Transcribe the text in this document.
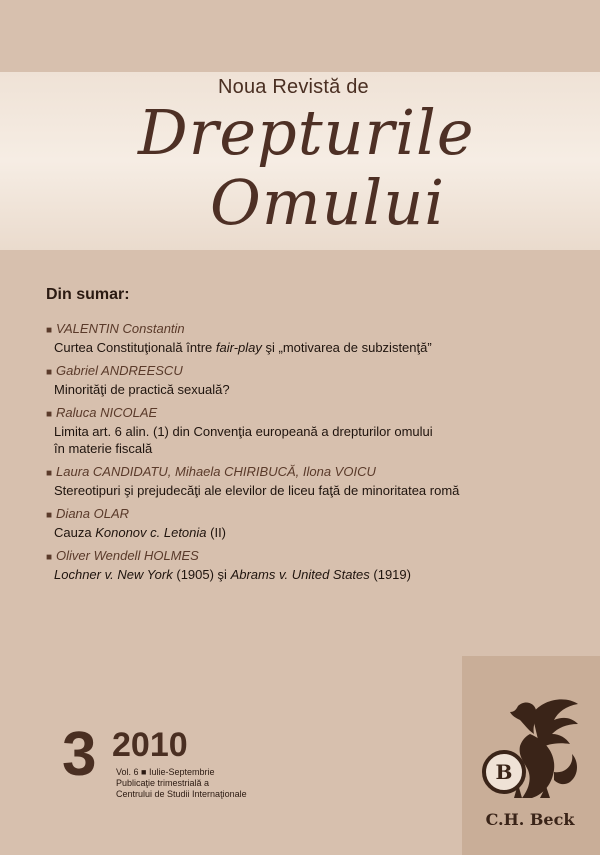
Noua Revistă de
Drepturile
Omului
Din sumar:
■ VALENTIN Constantin
Curtea Constituţională între fair-play şi „motivarea de subzistenţă”
■ Gabriel ANDREESCU
Minorităţi de practică sexuală?
■ Raluca NICOLAE
Limita art. 6 alin. (1) din Convenţia europeană a drepturilor omului
în materie fiscală
■ Laura CANDIDATU, Mihaela CHIRIBUCĂ, Ilona VOICU
Stereotipuri şi prejudecăţi ale elevilor de liceu faţă de minoritatea romă
■ Diana OLAR
Cauza Kononov c. Letonia (II)
■ Oliver Wendell HOLMES
Lochner v. New York (1905) şi Abrams v. United States (1919)
3 2010
Vol. 6 ■ Iulie-Septembrie
Publicaţie trimestrială a
Centrului de Studii Internaţionale
B
C.H. Beck
